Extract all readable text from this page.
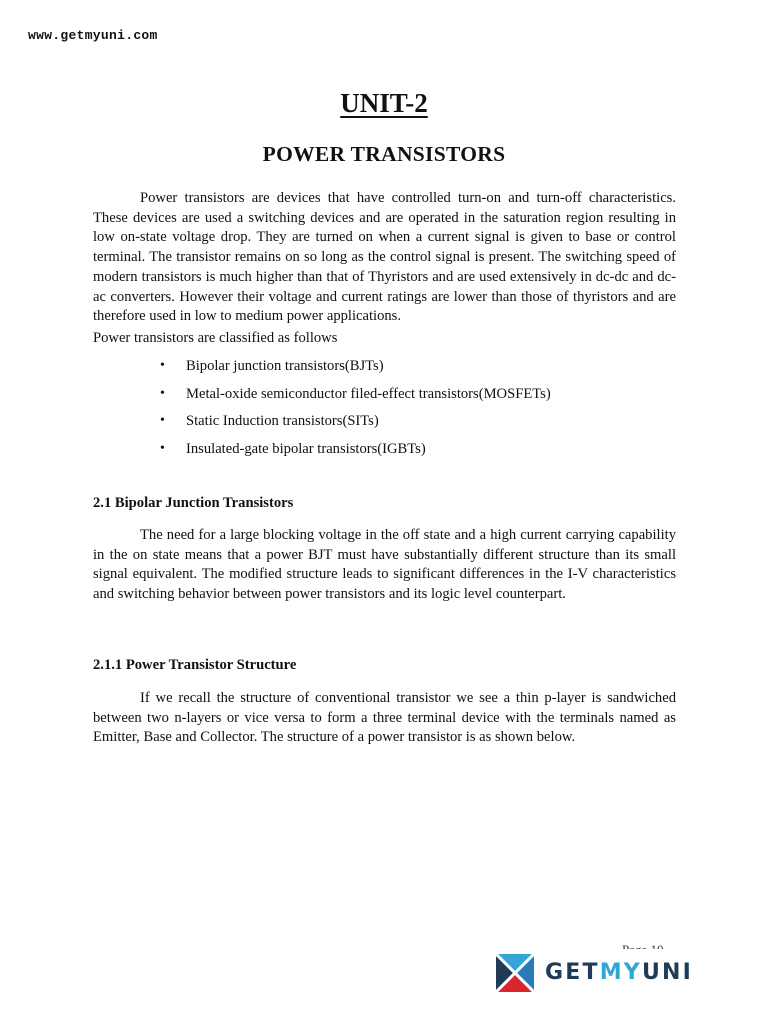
www.getmyuni.com
UNIT-2
POWER TRANSISTORS

Power transistors are devices that have controlled turn-on and turn-off characteristics. These devices are used a switching devices and are operated in the saturation region resulting in low on-state voltage drop. They are turned on when a current signal is given to base or control terminal. The transistor remains on so long as the control signal is present. The switching speed of modern transistors is much higher than that of Thyristors and are used extensively in dc-dc and dc-ac converters. However their voltage and current ratings are lower than those of thyristors and are therefore used in low to medium power applications.

Power transistors are classified as follows

• Bipolar junction transistors(BJTs)
• Metal-oxide semiconductor filed-effect transistors(MOSFETs)
• Static Induction transistors(SITs)
• Insulated-gate bipolar transistors(IGBTs)
2.1 Bipolar Junction Transistors

The need for a large blocking voltage in the off state and a high current carrying capability in the on state means that a power BJT must have substantially different structure than its small signal equivalent. The modified structure leads to significant differences in the I-V characteristics and switching behavior between power transistors and its logic level counterpart.

2.1.1 Power Transistor Structure

If we recall the structure of conventional transistor we see a thin p-layer is sandwiched between two n-layers or vice versa to form a three terminal device with the terminals named as Emitter, Base and Collector. The structure of a power transistor is as shown below.

GETMYUNI
